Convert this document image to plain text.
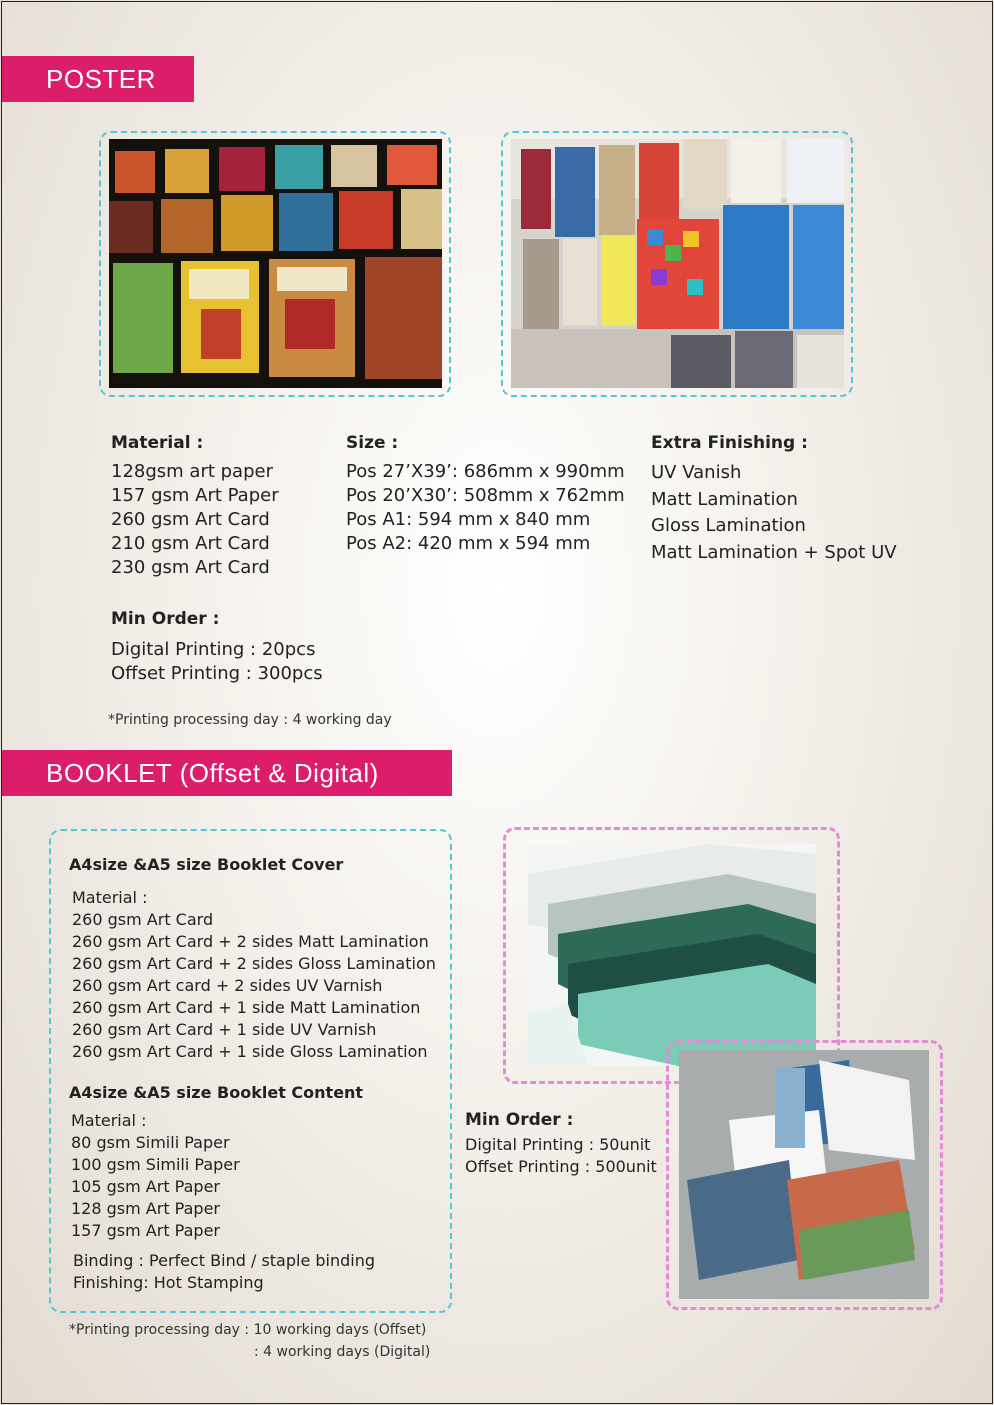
POSTER
Material :
128gsm art paper
157 gsm Art Paper
260 gsm Art Card
210 gsm Art Card
230 gsm Art Card
Size :
Pos 27’X39’: 686mm x 990mm
Pos 20’X30’: 508mm x 762mm
Pos A1: 594 mm x 840 mm
Pos A2: 420 mm x 594 mm
Extra Finishing :
UV Vanish
Matt Lamination
Gloss Lamination
Matt Lamination + Spot UV
Min Order :
Digital Printing : 20pcs
Offset Printing : 300pcs
*Printing processing day : 4 working day
BOOKLET (Offset & Digital)
A4size &A5 size Booklet Cover
Material :
260 gsm Art Card
260 gsm Art Card + 2 sides Matt Lamination
260 gsm Art Card + 2 sides Gloss Lamination
260 gsm Art card + 2 sides UV Varnish
260 gsm Art Card + 1 side Matt Lamination
260 gsm Art Card + 1 side UV Varnish
260 gsm Art Card + 1 side Gloss Lamination
A4size &A5 size Booklet Content
Material :
80 gsm Simili Paper
100 gsm Simili Paper
105 gsm Art Paper
128 gsm Art Paper
157 gsm Art Paper
Binding : Perfect Bind / staple binding
Finishing: Hot Stamping
*Printing processing day : 10 working days (Offset)
: 4 working days (Digital)
Min Order :
Digital Printing : 50unit
Offset Printing : 500unit
